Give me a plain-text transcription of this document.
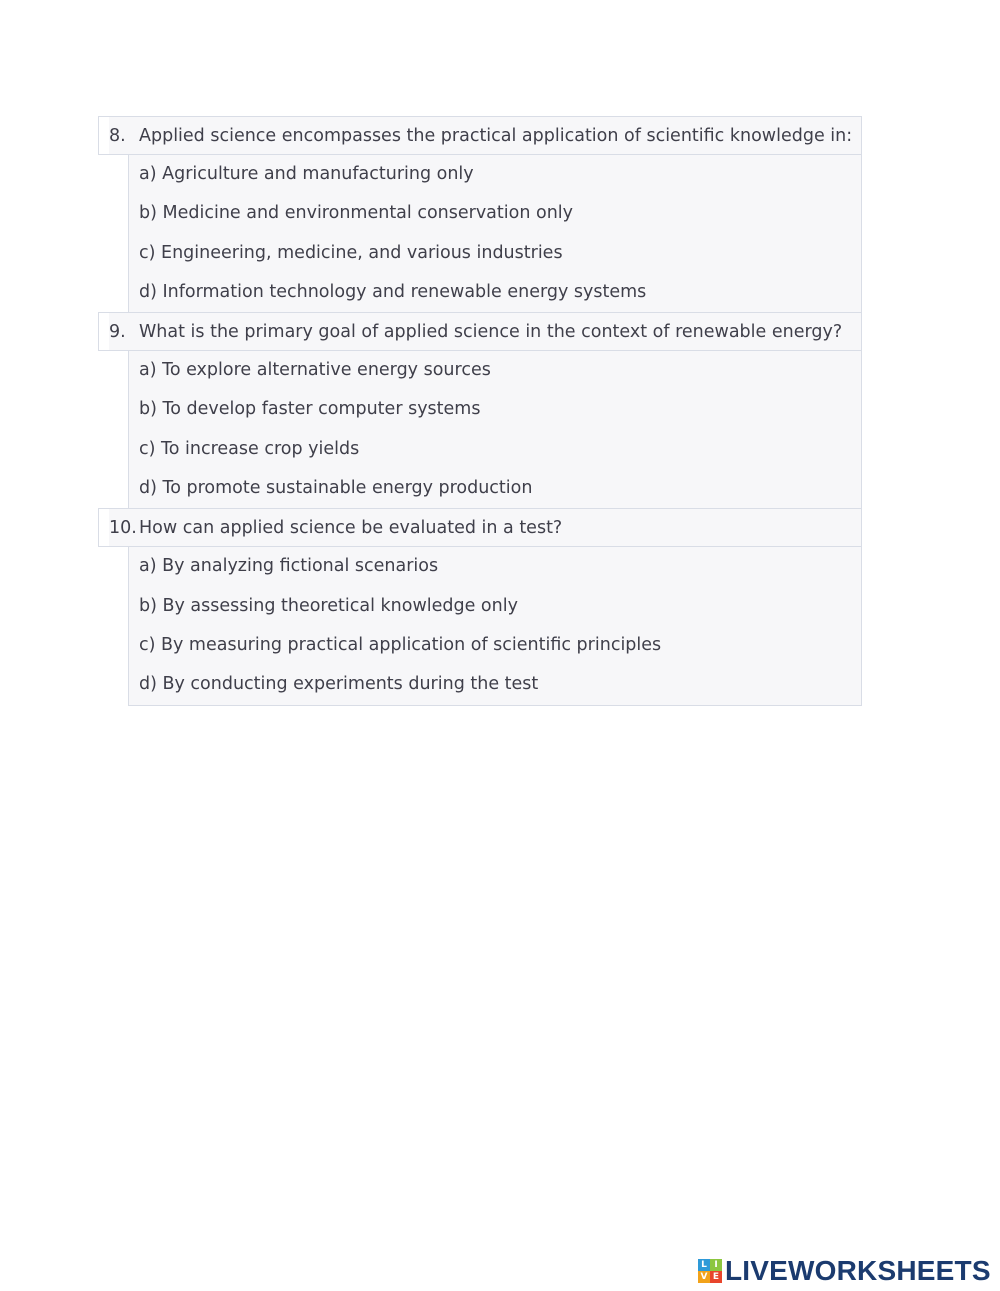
8. Applied science encompasses the practical application of scientific knowledge in:
a) Agriculture and manufacturing only
b) Medicine and environmental conservation only
c) Engineering, medicine, and various industries
d) Information technology and renewable energy systems
9. What is the primary goal of applied science in the context of renewable energy?
a) To explore alternative energy sources
b) To develop faster computer systems
c) To increase crop yields
d) To promote sustainable energy production
10. How can applied science be evaluated in a test?
a) By analyzing fictional scenarios
b) By assessing theoretical knowledge only
c) By measuring practical application of scientific principles
d) By conducting experiments during the test
L I
V E LIVEWORKSHEETS
